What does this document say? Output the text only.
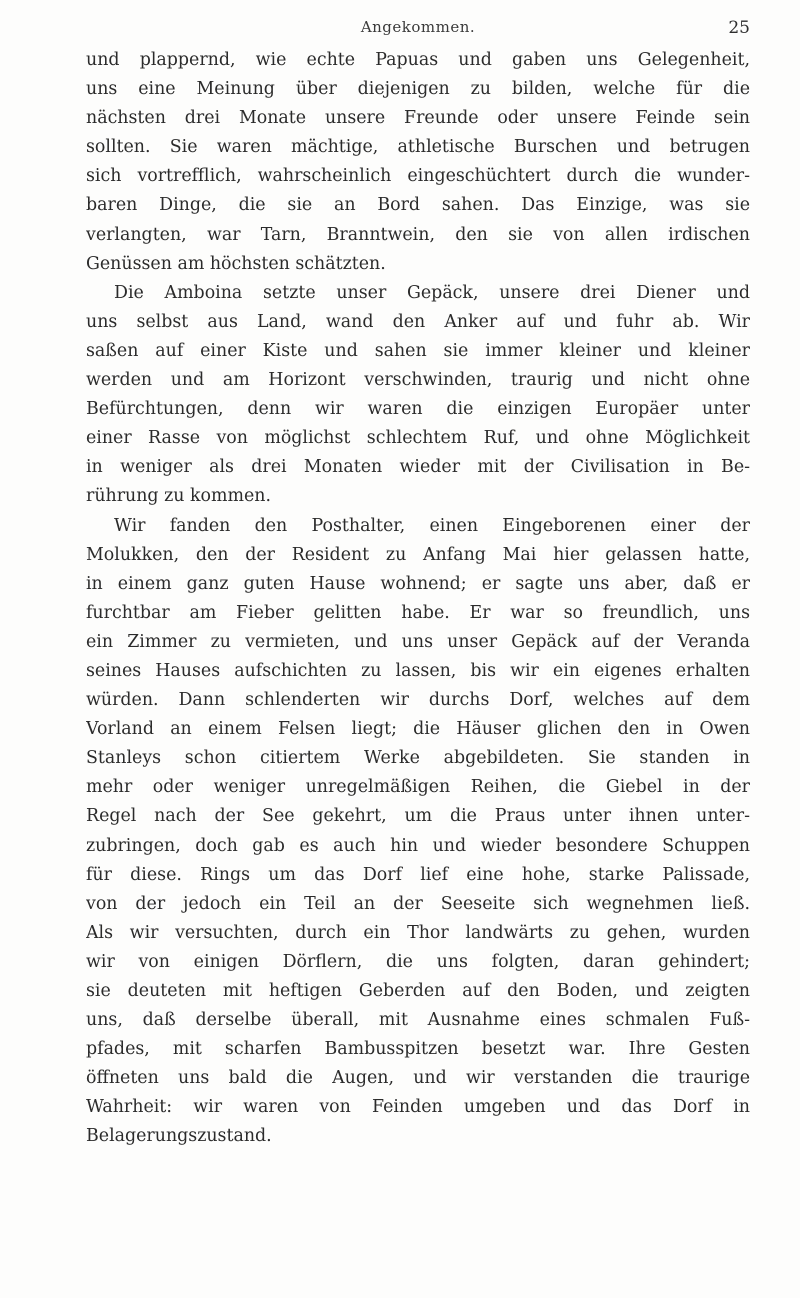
Angekommen.	25
und plappernd, wie echte Papuas und gaben uns Gelegenheit,
uns eine Meinung über diejenigen zu bilden, welche für die
nächsten drei Monate unsere Freunde oder unsere Feinde sein
sollten. Sie waren mächtige, athletische Burschen und betrugen
sich vortrefflich, wahrscheinlich eingeschüchtert durch die wunder-
baren Dinge, die sie an Bord sahen. Das Einzige, was sie
verlangten, war Tarn, Branntwein, den sie von allen irdischen
Genüssen am höchsten schätzten.
Die Amboina setzte unser Gepäck, unsere drei Diener und
uns selbst aus Land, wand den Anker auf und fuhr ab. Wir
saßen auf einer Kiste und sahen sie immer kleiner und kleiner
werden und am Horizont verschwinden, traurig und nicht ohne
Befürchtungen, denn wir waren die einzigen Europäer unter
einer Rasse von möglichst schlechtem Ruf, und ohne Möglichkeit
in weniger als drei Monaten wieder mit der Civilisation in Be-
rührung zu kommen.
Wir fanden den Posthalter, einen Eingeborenen einer der
Molukken, den der Resident zu Anfang Mai hier gelassen hatte,
in einem ganz guten Hause wohnend; er sagte uns aber, daß er
furchtbar am Fieber gelitten habe. Er war so freundlich, uns
ein Zimmer zu vermieten, und uns unser Gepäck auf der Veranda
seines Hauses aufschichten zu lassen, bis wir ein eigenes erhalten
würden. Dann schlenderten wir durchs Dorf, welches auf dem
Vorland an einem Felsen liegt; die Häuser glichen den in Owen
Stanleys schon citiertem Werke abgebildeten. Sie standen in
mehr oder weniger unregelmäßigen Reihen, die Giebel in der
Regel nach der See gekehrt, um die Praus unter ihnen unter-
zubringen, doch gab es auch hin und wieder besondere Schuppen
für diese. Rings um das Dorf lief eine hohe, starke Palissade,
von der jedoch ein Teil an der Seeseite sich wegnehmen ließ.
Als wir versuchten, durch ein Thor landwärts zu gehen, wurden
wir von einigen Dörflern, die uns folgten, daran gehindert;
sie deuteten mit heftigen Geberden auf den Boden, und zeigten
uns, daß derselbe überall, mit Ausnahme eines schmalen Fuß-
pfades, mit scharfen Bambusspitzen besetzt war. Ihre Gesten
öffneten uns bald die Augen, und wir verstanden die traurige
Wahrheit: wir waren von Feinden umgeben und das Dorf in
Belagerungszustand.
